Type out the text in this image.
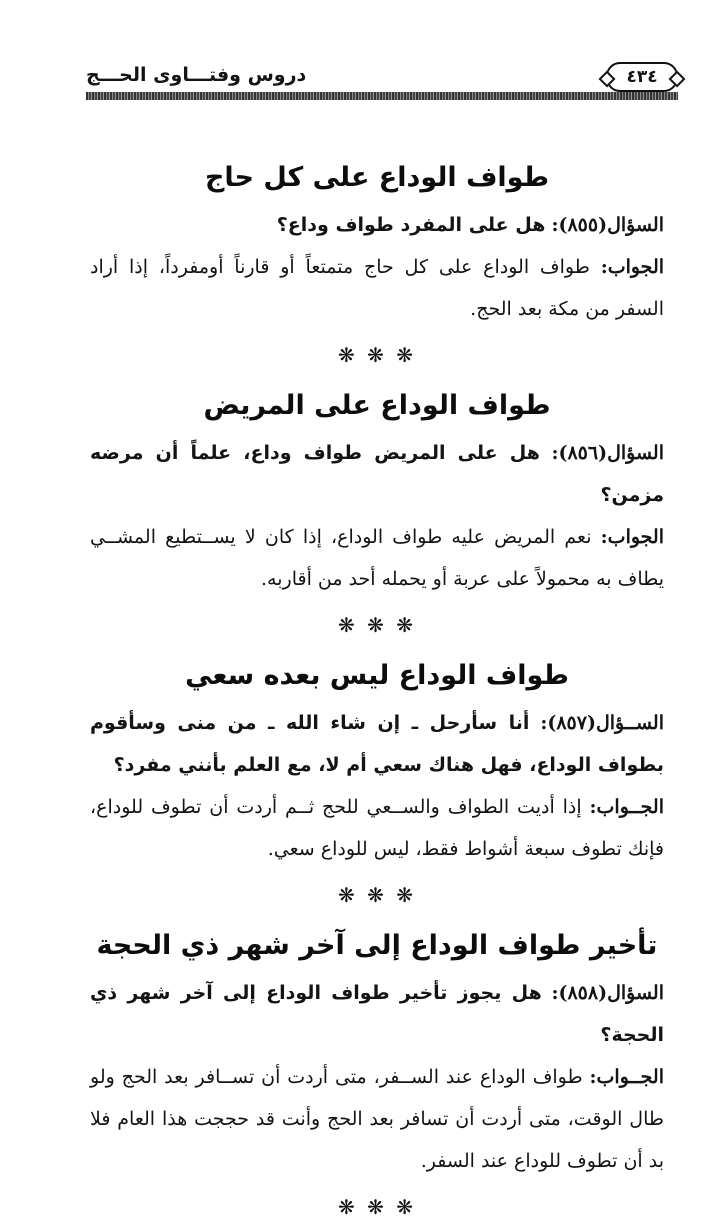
٤٣٤
دروس وفتـــاوى الحـــج
طواف الوداع على كل حاج

السؤال(٨٥٥): هل على المفرد طواف وداع؟

الجواب: طواف الوداع على كل حاج متمتعاً أو قارناً أومفرداً، إذا أراد السفر من مكة بعد الحج.

❋ ❋ ❋
طواف الوداع على المريض

السؤال(٨٥٦): هل على المريض طواف وداع، علماً أن مرضه مزمن؟

الجواب: نعم المريض عليه طواف الوداع، إذا كان لا يســتطيع المشــي يطاف به محمولاً على عربة أو يحمله أحد من أقاربه.

❋ ❋ ❋
طواف الوداع ليس بعده سعي

الســؤال(٨٥٧): أنا سأرحل ـ إن شاء الله ـ من منى وسأقوم بطواف الوداع، فهل هناك سعي أم لا، مع العلم بأنني مفرد؟

الجــواب: إذا أديت الطواف والســعي للحج ثــم أردت أن تطوف للوداع، فإنك تطوف سبعة أشواط فقط، ليس للوداع سعي.

❋ ❋ ❋
تأخير طواف الوداع إلى آخر شهر ذي الحجة

السؤال(٨٥٨): هل يجوز تأخير طواف الوداع إلى آخر شهر ذي الحجة؟

الجــواب: طواف الوداع عند الســفر، متى أردت أن تســافر بعد الحج ولو طال الوقت، متى أردت أن تسافر بعد الحج وأنت قد حججت هذا العام فلا بد أن تطوف للوداع عند السفر.

❋ ❋ ❋
